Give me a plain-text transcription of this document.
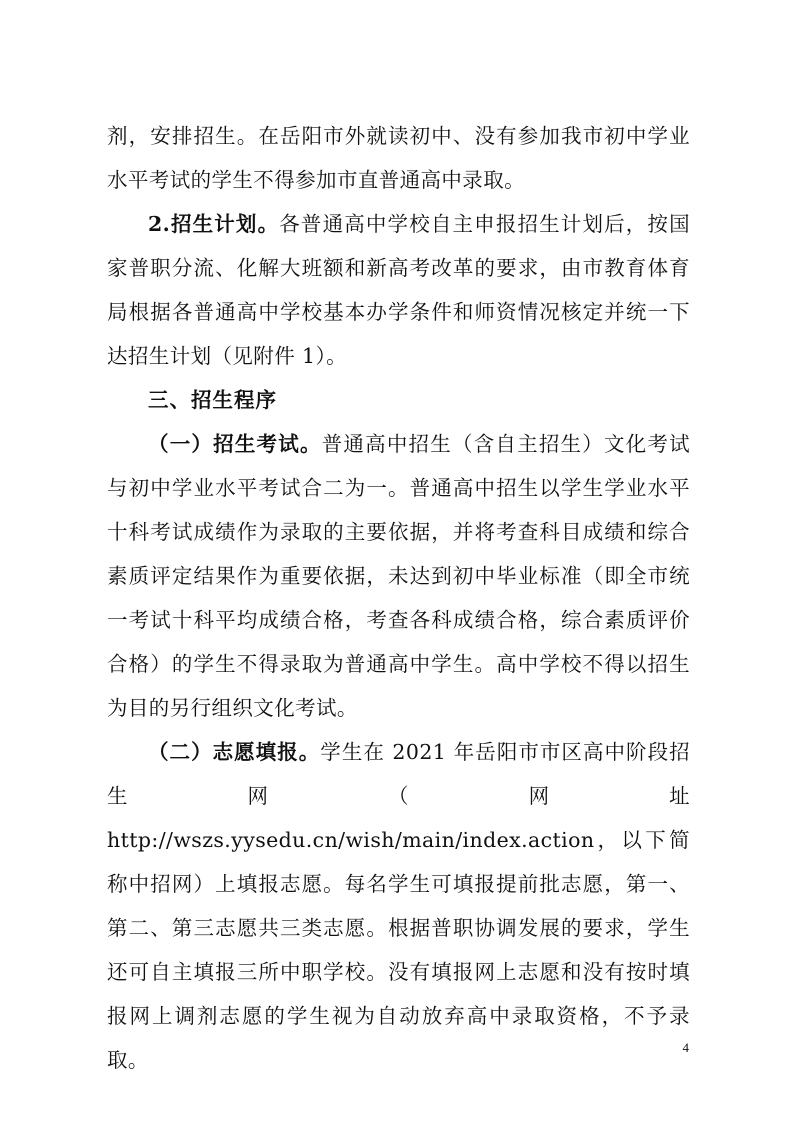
剂，安排招生。在岳阳市外就读初中、没有参加我市初中学业水平考试的学生不得参加市直普通高中录取。

2.招生计划。各普通高中学校自主申报招生计划后，按国家普职分流、化解大班额和新高考改革的要求，由市教育体育局根据各普通高中学校基本办学条件和师资情况核定并统一下达招生计划（见附件 1）。

三、招生程序

（一）招生考试。普通高中招生（含自主招生）文化考试与初中学业水平考试合二为一。普通高中招生以学生学业水平十科考试成绩作为录取的主要依据，并将考查科目成绩和综合素质评定结果作为重要依据，未达到初中毕业标准（即全市统一考试十科平均成绩合格，考查各科成绩合格，综合素质评价合格）的学生不得录取为普通高中学生。高中学校不得以招生为目的另行组织文化考试。

（二）志愿填报。学生在 2021 年岳阳市市区高中阶段招生网（网址 http://wszs.yysedu.cn/wish/main/index.action，以下简称中招网）上填报志愿。每名学生可填报提前批志愿，第一、第二、第三志愿共三类志愿。根据普职协调发展的要求，学生还可自主填报三所中职学校。没有填报网上志愿和没有按时填报网上调剂志愿的学生视为自动放弃高中录取资格，不予录取。

4
